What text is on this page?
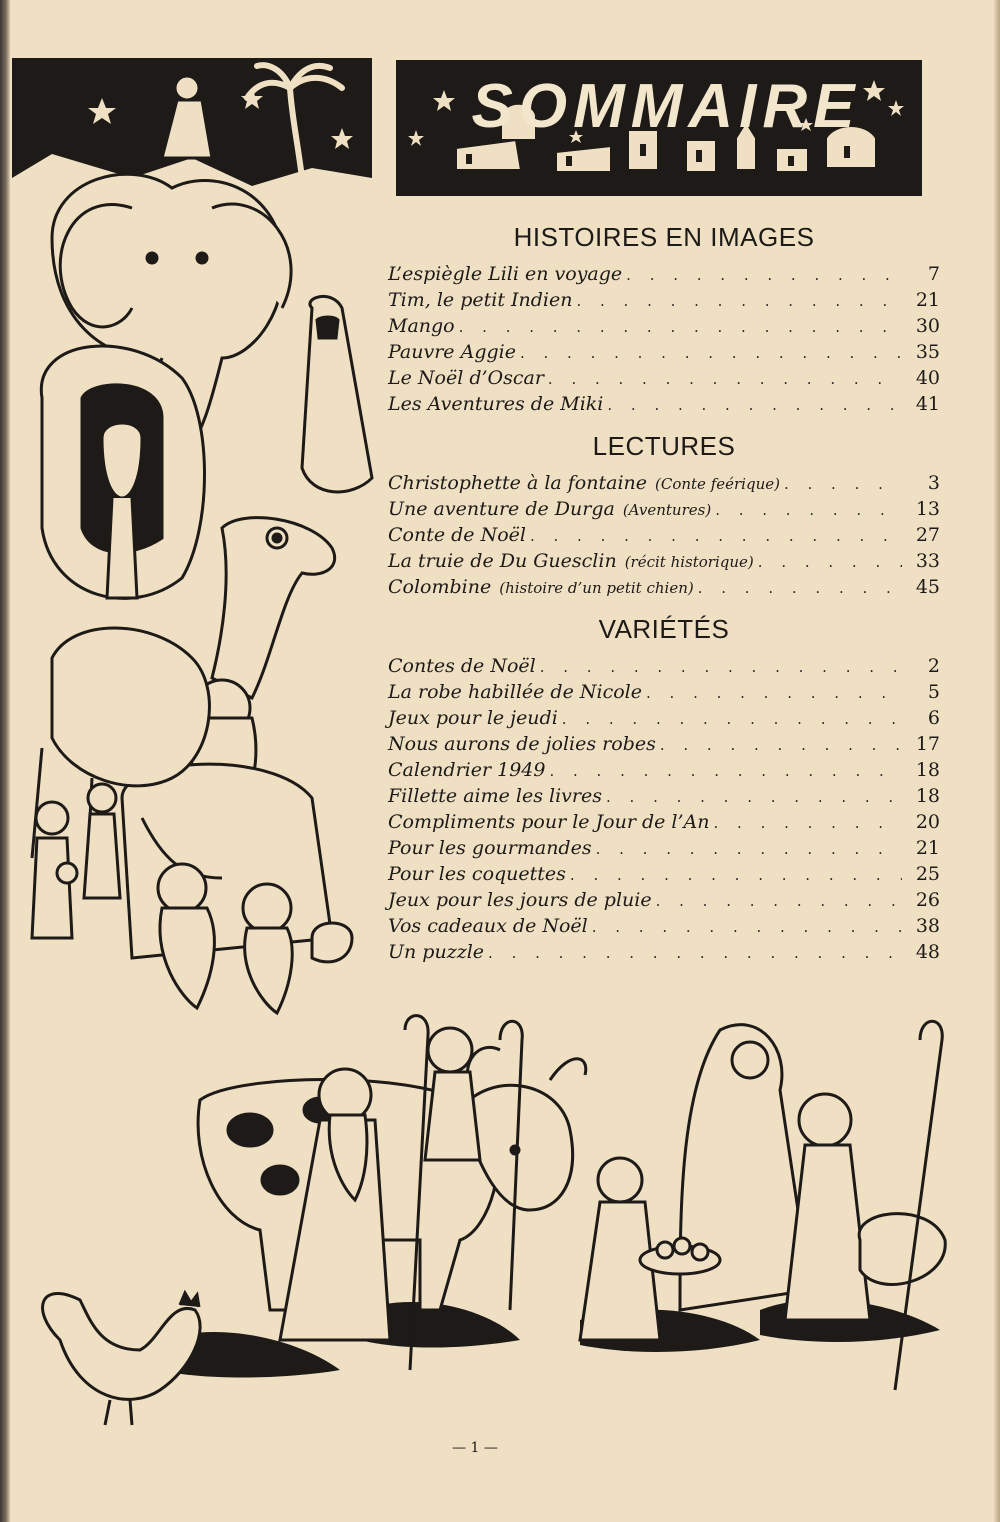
SOMMAIRE
HISTOIRES EN IMAGES
L’espiègle Lili en voyage . . .	7
Tim, le petit Indien . . .	21
Mango . . .	30
Pauvre Aggie . . .	35
Le Noël d’Oscar . . .	40
Les Aventures de Miki . . .	41
LECTURES
Christophette à la fontaine (Conte feérique) . . .	3
Une aventure de Durga (Aventures) . . .	13
Conte de Noël . . .	27
La truie de Du Guesclin (récit historique) . . .	33
Colombine (histoire d’un petit chien) . . .	45
VARIÉTÉS
Contes de Noël . . .	2
La robe habillée de Nicole . . .	5
Jeux pour le jeudi . . .	6
Nous aurons de jolies robes . . .	17
Calendrier 1949 . . .	18
Fillette aime les livres . . .	18
Compliments pour le Jour de l’An . . .	20
Pour les gourmandes . . .	21
Pour les coquettes . . .	25
Jeux pour les jours de pluie . . .	26
Vos cadeaux de Noël . . .	38
Un puzzle . . .	48
— 1 —
